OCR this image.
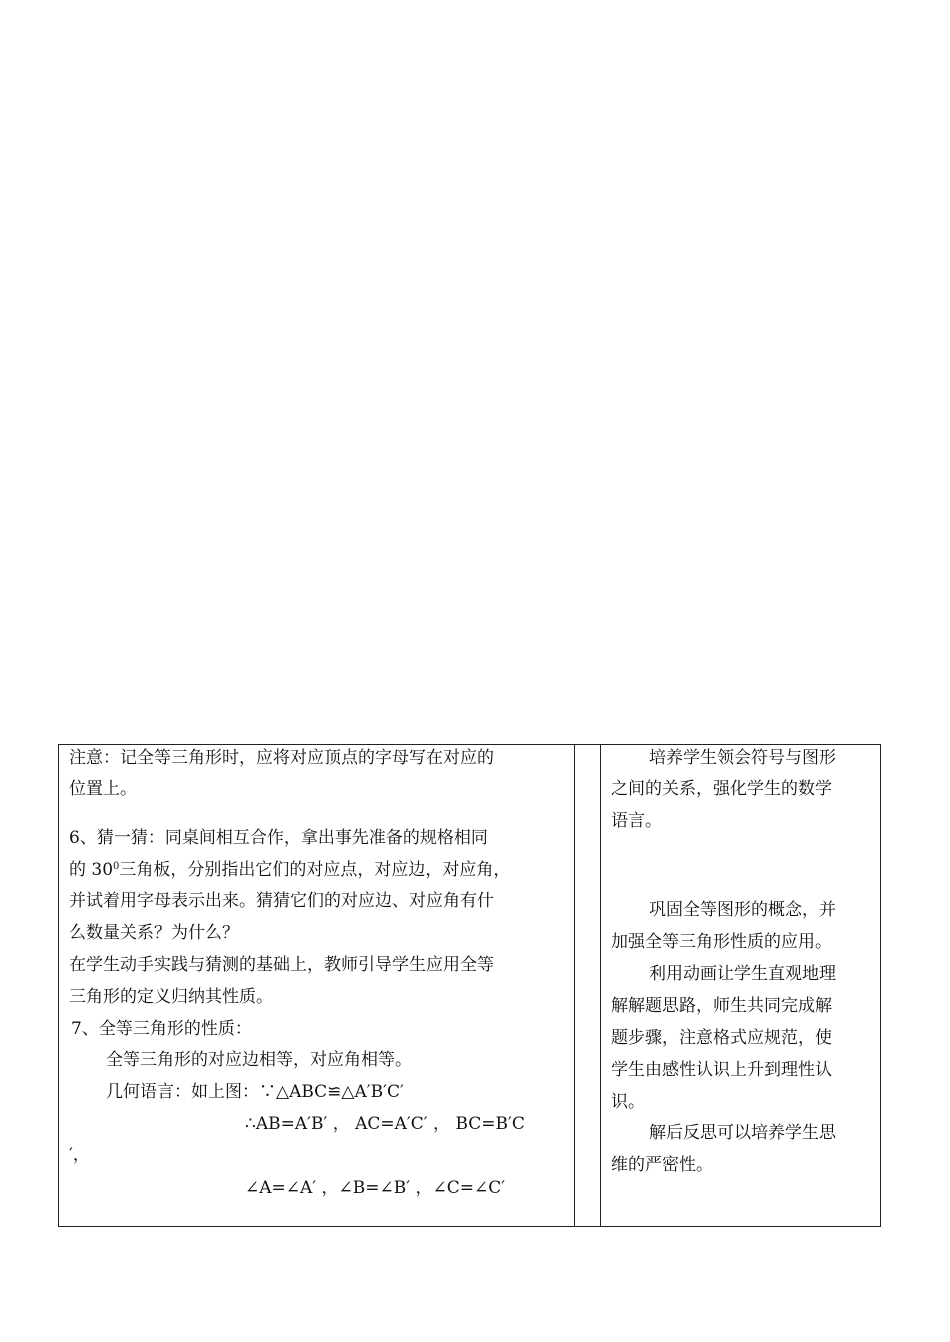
注意：记全等三角形时，应将对应顶点的字母写在对应的
位置上。
6、猜一猜：同桌间相互合作，拿出事先准备的规格相同
的 $30^0$三角板，分别指出它们的对应点，对应边，对应角，
并试着用字母表示出来。猜猜它们的对应边、对应角有什
么数量关系？为什么？
在学生动手实践与猜测的基础上，教师引导学生应用全等
三角形的定义归纳其性质。
7、全等三角形的性质：
全等三角形的对应边相等，对应角相等。
几何语言：如上图：∵△ABC≌△A′B′C′
∴AB=A′B′ ， AC=A′C′ ， BC=B′C
′，
∠A=∠A′ ，∠B=∠B′ ，∠C=∠C′
培养学生领会符号与图形
之间的关系，强化学生的数学
语言。
巩固全等图形的概念，并
加强全等三角形性质的应用。
利用动画让学生直观地理
解解题思路，师生共同完成解
题步骤，注意格式应规范，使
学生由感性认识上升到理性认
识。
解后反思可以培养学生思
维的严密性。
